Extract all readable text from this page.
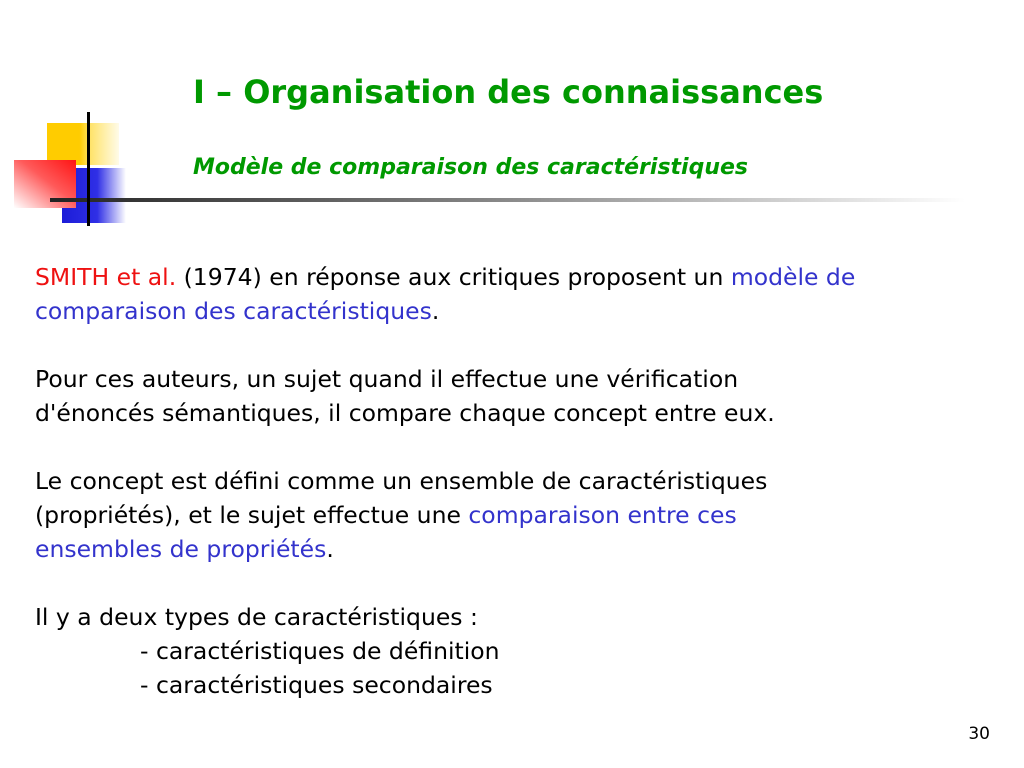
I – Organisation des connaissances
Modèle de comparaison des caractéristiques
SMITH et al. (1974) en réponse aux critiques proposent un modèle de
comparaison des caractéristiques.
Pour ces auteurs, un sujet quand il effectue une vérification
d'énoncés sémantiques, il compare chaque concept entre eux.
Le concept est défini comme un ensemble de caractéristiques
(propriétés), et le sujet effectue une comparaison entre ces
ensembles de propriétés.
Il y a deux types de caractéristiques :
- caractéristiques de définition
- caractéristiques secondaires
30
